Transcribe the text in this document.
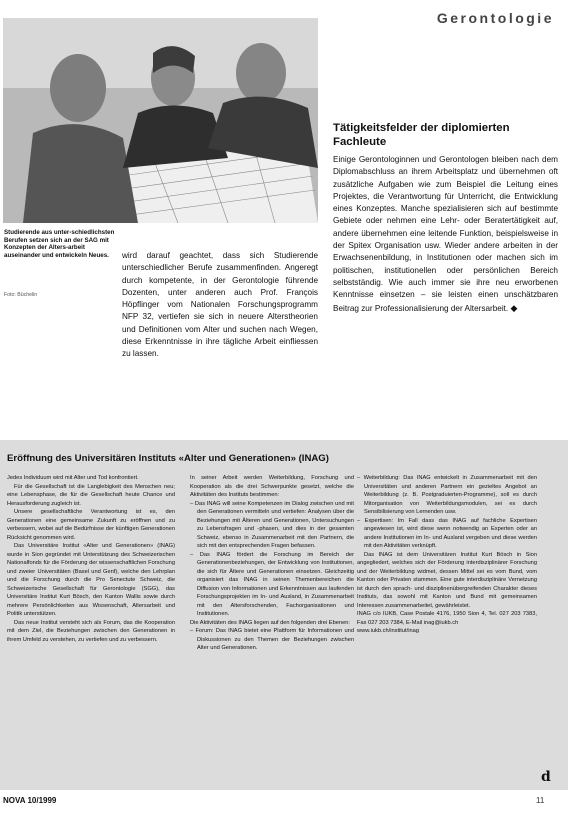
Gerontologie
Studierende aus unter-schiedlichsten Berufen setzen sich an der SAG mit Konzepten der Alters-arbeit auseinander und entwickeln Neues.
Foto: Büchelin
wird darauf geachtet, dass sich Studierende unterschiedlicher Berufe zusammenfinden. Angeregt durch kompetente, in der Gerontologie führende Dozenten, unter anderen auch Prof. François Höpflinger vom Nationalen Forschungsprogramm NFP 32, vertiefen sie sich in neuere Alterstheorien und Definitionen vom Alter und suchen nach Wegen, diese Erkenntnisse in ihre tägliche Arbeit einfliessen zu lassen.
Tätigkeitsfelder der diplomierten Fachleute
Einige Gerontologinnen und Gerontologen bleiben nach dem Diplomabschluss an ihrem Arbeitsplatz und übernehmen oft zusätzliche Aufgaben wie zum Beispiel die Leitung eines Projektes, die Verantwortung für Unterricht, die Entwicklung eines Konzeptes. Manche spezialisieren sich auf bestimmte Gebiete oder nehmen eine Lehr- oder Beratertätigkeit auf, andere übernehmen eine leitende Funktion, beispielsweise in der Spitex Organisation usw. Wieder andere arbeiten in der Erwachsenenbildung, in Institutionen oder machen sich im politischen, institutionellen oder persönlichen Bereich selbstständig. Wie auch immer sie ihre neu erworbenen Kenntnisse einsetzen – sie leisten einen unschätzbaren Beitrag zur Professionalisierung der Altersarbeit. ◆
Eröffnung des Universitären Instituts «Alter und Generationen» (INAG)

Jedes Individuum wird mit Alter und Tod konfrontiert.

Für die Gesellschaft ist die Langlebigkeit des Menschen neu; eine Lebensphase, die für die Gesellschaft heute Chance und Herausforderung zugleich ist.

Unsere gesellschaftliche Verantwortung ist es, den Generationen eine gemeinsame Zukunft zu eröffnen und zu verbessern, wobei auf die Bedürfnisse der künftigen Generationen Rücksicht genommen wird.

Das Universitäre Institut «Alter und Generationen» (INAG) wurde in Sion gegründet mit Unterstützung des Schweizerischen Nationalfonds für die Förderung der wissenschaftlichen Forschung und zweier Universitäten (Basel und Genf), welche den Lehrplan und die Forschung durch die Pro Senectute Schweiz, die Schweizerische Gesellschaft für Gerontologie (SGG), das Universitäre Institut Kurt Bösch, den Kanton Wallis sowie durch mehrere Persönlichkeiten aus Wissenschaft, Altersarbeit und Politik unterstützen.

Das neue Institut versteht sich als Forum, das die Kooperation mit dem Ziel, die Beziehungen zwischen den Generationen in ihrem Umfeld zu verstehen, zu vertiefen und zu verbessern.

In seiner Arbeit werden Weiterbildung, Forschung und Kooperation als die drei Schwerpunkte gesetzt, welche die Aktivitäten des Instituts bestimmen:

– Das INAG will seine Kompetenzen im Dialog zwischen und mit den Generationen vermitteln und vertiefen: Analysen über die Beziehungen mit Älteren und Generationen, Untersuchungen zu Lebensfragen und -phasen, und dies in der gesamten Schweiz, ebenso in Zusammenarbeit mit den Partnern, die sich mit den entsprechenden Fragen befassen.

– Das INAG fördert die Forschung im Bereich der Generationenbeziehungen, der Entwicklung von Institutionen, die sich für Ältere und Generationen einsetzen. Gleichzeitig organisiert das INAG in seinen Themenbereichen die Diffusion von Informationen und Erkenntnissen aus laufenden Forschungsprojekten im In- und Ausland, in Zusammenarbeit mit den Altersforschenden, Fachorganisationen und Institutionen.

Die Aktivitäten des INAG liegen auf den folgenden drei Ebenen:

– Forum: Das INAG bietet eine Plattform für Informationen und Diskussionen zu den Themen der Beziehungen zwischen Alter und Generationen.

– Weiterbildung: Das INAG entwickelt in Zusammenarbeit mit den Universitäten und anderen Partnern ein gezieltes Angebot an Weiterbildung (z. B. Postgraduierten-Programme), soll es durch Mitorganisation von Weiterbildungsmodulen, sei es durch Sensibilisierung von Lernenden usw.

– Expertisen: Im Fall dass das INAG auf fachliche Expertisen angewiesen ist, wird diese wenn notwendig an Experten oder an andere Institutionen im In- und Ausland vergeben und diese werden mit den Aktivitäten verknüpft.

Das INAG ist dem Universitären Institut Kurt Bösch in Sion angegliedert, welches sich der Förderung interdisziplinärer Forschung und der Weiterbildung widmet, dessen Mittel sei es vom Bund, vom Kanton oder Privaten stammen. Eine gute interdisziplinäre Vernetzung ist durch den sprach- und disziplinenübergreifenden Charakter dieses Instituts, das sowohl mit Kanton und Bund mit gemeinsamen Interessen zusammenarbeitet, gewährleistet.

INAG c/o IUKB, Case Postale 4176, 1950 Sion 4, Tel. 027 203 7383, Fax 027 203 7384, E-Mail inag@iukb.ch

www.iukb.ch/institut/inag

d
NOVA 10/1999	11
